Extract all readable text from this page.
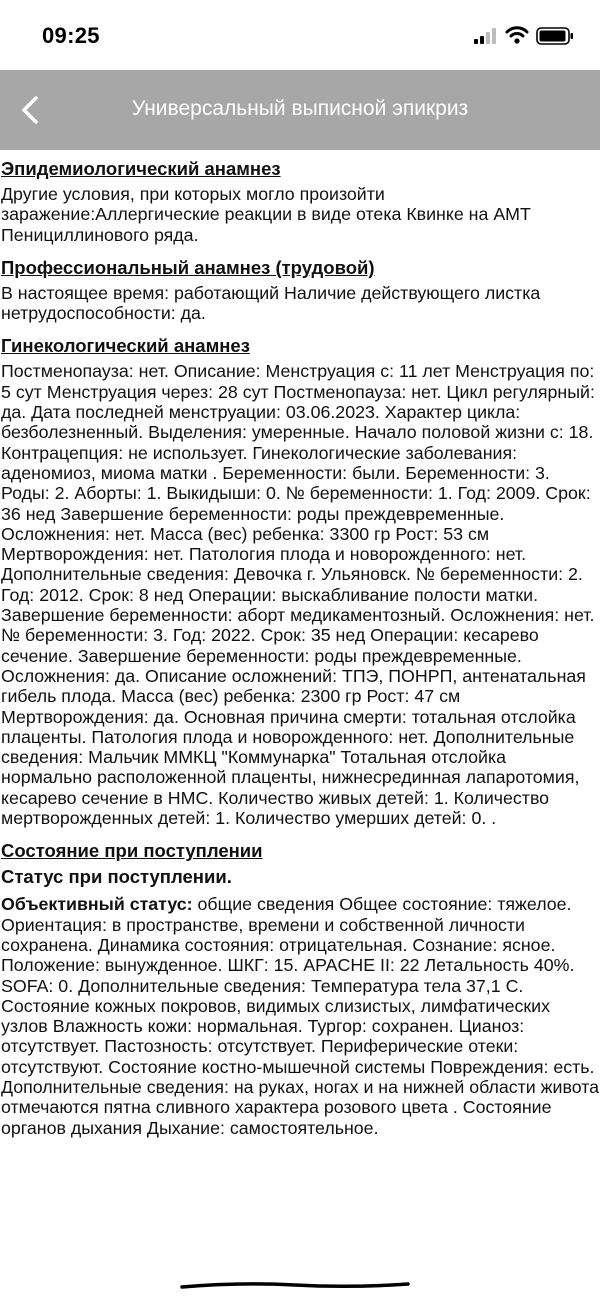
09:25
Универсальный выписной эпикриз
Эпидемиологический анамнез
Другие условия, при которых могло произойти заражение:Аллергические реакции в виде отека Квинке на АМТ Пенициллинового ряда.
Профессиональный анамнез (трудовой)
В настоящее время: работающий Наличие действующего листка нетрудоспособности: да.
Гинекологический анамнез
Постменопауза: нет. Описание: Менструация с: 11 лет Менструация по: 5 сут Менструация через: 28 сут Постменопауза: нет. Цикл регулярный: да. Дата последней менструации: 03.06.2023. Характер цикла: безболезненный. Выделения: умеренные. Начало половой жизни с: 18. Контрацепция: не использует. Гинекологические заболевания: аденомиоз, миома матки . Беременности: были. Беременности: 3. Роды: 2. Аборты: 1. Выкидыши: 0. № беременности: 1. Год: 2009. Срок: 36 нед Завершение беременности: роды преждевременные. Осложнения: нет. Масса (вес) ребенка: 3300 гр Рост: 53 см Мертворождения: нет. Патология плода и новорожденного: нет. Дополнительные сведения: Девочка г. Ульяновск. № беременности: 2. Год: 2012. Срок: 8 нед Операции: выскабливание полости матки. Завершение беременности: аборт медикаментозный. Осложнения: нет. № беременности: 3. Год: 2022. Срок: 35 нед Операции: кесарево сечение. Завершение беременности: роды преждевременные. Осложнения: да. Описание осложнений: ТПЭ, ПОНРП, антенатальная гибель плода. Масса (вес) ребенка: 2300 гр Рост: 47 см Мертворождения: да. Основная причина смерти: тотальная отслойка плаценты. Патология плода и новорожденного: нет. Дополнительные сведения: Мальчик ММКЦ "Коммунарка" Тотальная отслойка нормально расположенной плаценты, нижнесрединная лапаротомия, кесарево сечение в НМС. Количество живых детей: 1. Количество мертворожденных детей: 1. Количество умерших детей: 0. .
Состояние при поступлении
Статус при поступлении.
Объективный статус: общие сведения Общее состояние: тяжелое. Ориентация: в пространстве, времени и собственной личности сохранена. Динамика состояния: отрицательная. Сознание: ясное. Положение: вынужденное. ШКГ: 15. APACHE II: 22 Летальность 40%. SOFA: 0. Дополнительные сведения: Температура тела 37,1 С. Состояние кожных покровов, видимых слизистых, лимфатических узлов Влажность кожи: нормальная. Тургор: сохранен. Цианоз: отсутствует. Пастозность: отсутствует. Периферические отеки: отсутствуют. Состояние костно-мышечной системы Повреждения: есть. Дополнительные сведения: на руках, ногах и на нижней области живота отмечаются пятна сливного характера розового цвета . Состояние органов дыхания Дыхание: самостоятельное.
